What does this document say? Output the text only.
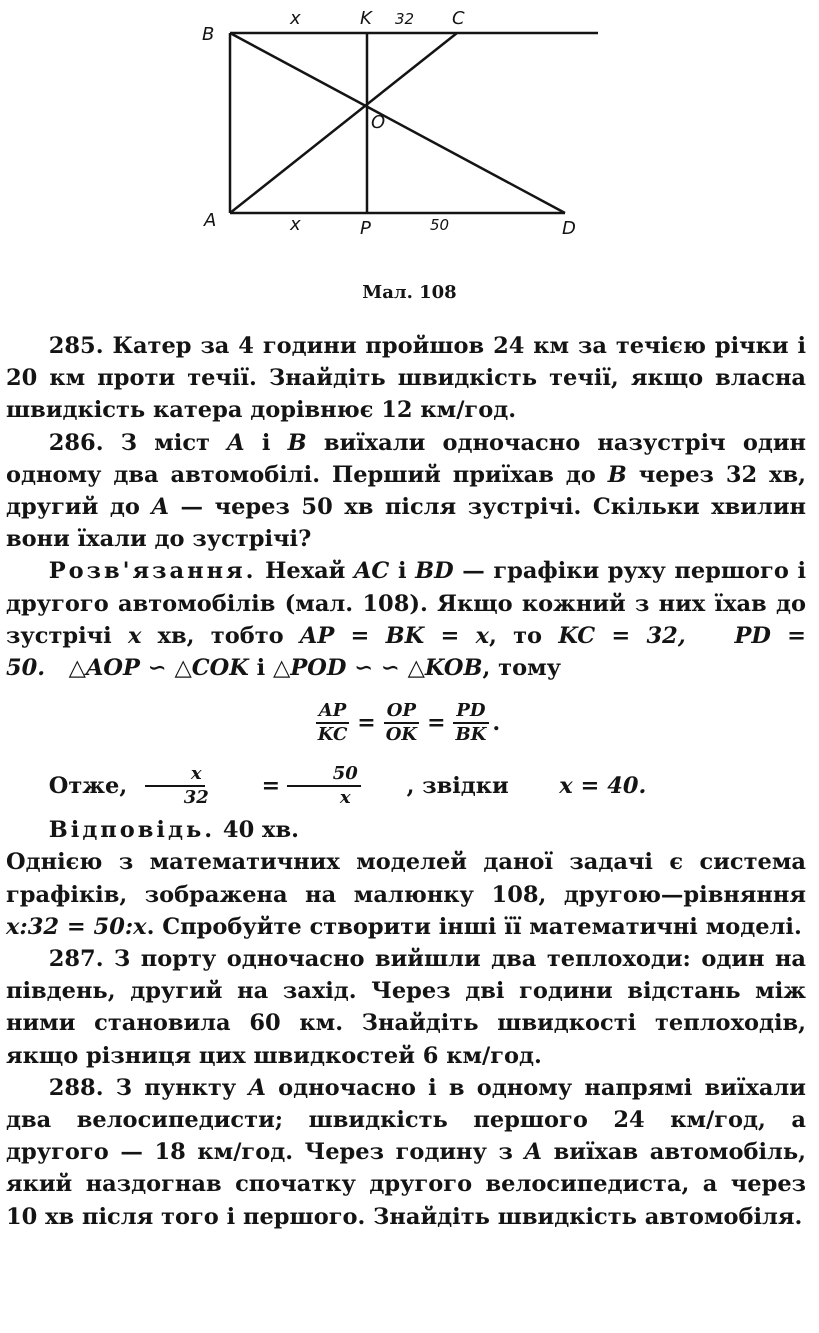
B
x	K 32 C
O
A	x	P	50	D
Мал. 108

285. Катер за 4 години пройшов 24 км за течією річки і 20 км проти течії. Знайдіть швидкість течії, якщо власна швидкість катера дорівнює 12 км/год.

286. З міст A і B виїхали одночасно назустріч один одному два автомобілі. Перший приїхав до B через 32 хв, другий до A — через 50 хв після зустрічі. Скільки хвилин вони їхали до зустрічі?

Розв'язання. Нехай AC і BD — графіки руху першого і другого автомобілів (мал. 108). Якщо кожний з них їхав до зустрічі x хв, тобто AP = BK = x, то KC = 32, PD = 50. △AOP ∽ △COK і △POD ∽ ∽ △KOB, тому

$\frac{AP}{KC} = \frac{OP}{OK} = \frac{PD}{BK}$ .

Отже, $\frac{x}{32}$	= $\frac{50}{x}$	, звідки	x = 40.

Відповідь. 40 хв.

Однією з математичних моделей даної задачі є система графіків, зображена на малюнку 108, другою—рівняння x:32 = 50:x. Спробуйте створити інші її математичні моделі.

287. З порту одночасно вийшли два теплоходи: один на південь, другий на захід. Через дві години відстань між ними становила 60 км. Знайдіть швидкості теплоходів, якщо різниця цих швидкостей 6 км/год.

288. З пункту A одночасно і в одному напрямі виїхали два велосипедисти; швидкість першого 24 км/год, а другого — 18 км/год. Через годину з A виїхав автомобіль, який наздогнав спочатку другого велосипедиста, а через 10 хв після того і першого. Знайдіть швидкість автомобіля.
